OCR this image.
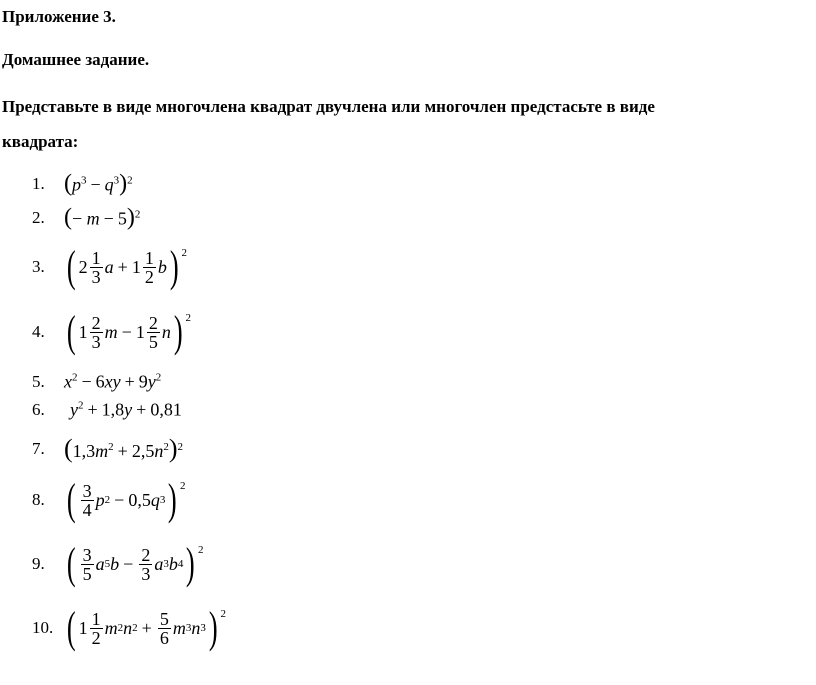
Приложение 3.
Домашнее задание.
Представьте в виде многочлена квадрат двучлена или многочлен предстаcьте в виде
квадрата:
1. $(p^3 - q^3)^2$
2. (− m − 5)$^2$
3. ( 2 1
3 a + 1 1
2 b ) 2
4. ( 1 2
3 m − 1 2
5 n ) 2
5. $x^2 - 6xy + 9y^2$
6. $y^2 + 1,8y + 0,81$
7. $(1,3m^2 + 2,5n^2)^2$
8. ( 3
4 p 2 − 0,5 q 3 ) 2
9. ( 3
5 a 5 $b - \frac{2}{3}$ a 3 b 4 ) 2
10. ( 1 1
2 m 2 n $2 + \frac{5}{6}$ m 3 n 3 ) 2
